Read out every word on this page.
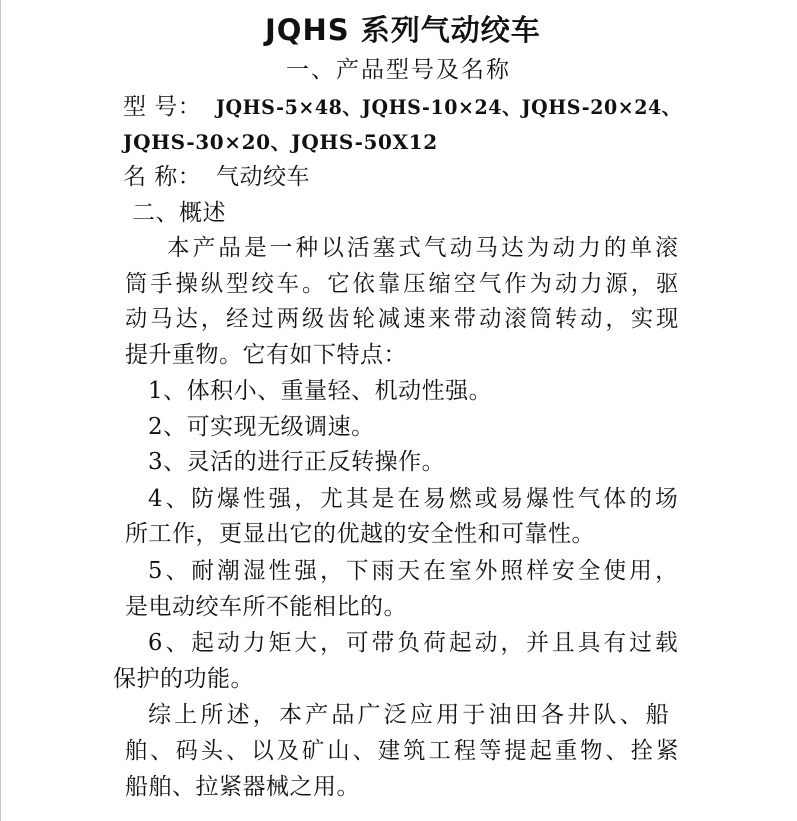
JQHS 系列气动绞车
一、产品型号及名称
型 号： JQHS-5×48、JQHS-10×24、JQHS-20×24、
JQHS-30×20、JQHS-50X12
名 称： 气动绞车
二、概述
本产品是一种以活塞式气动马达为动力的单滚
筒手操纵型绞车。它依靠压缩空气作为动力源，驱
动马达，经过两级齿轮减速来带动滚筒转动，实现
提升重物。它有如下特点：
1、体积小、重量轻、机动性强。
2、可实现无级调速。
3、灵活的进行正反转操作。
4、防爆性强，尤其是在易燃或易爆性气体的场
所工作，更显出它的优越的安全性和可靠性。
5、耐潮湿性强，下雨天在室外照样安全使用，
是电动绞车所不能相比的。
6、起动力矩大，可带负荷起动，并且具有过载
保护的功能。
综上所述，本产品广泛应用于油田各井队、船
舶、码头、以及矿山、建筑工程等提起重物、拴紧
船舶、拉紧器械之用。
